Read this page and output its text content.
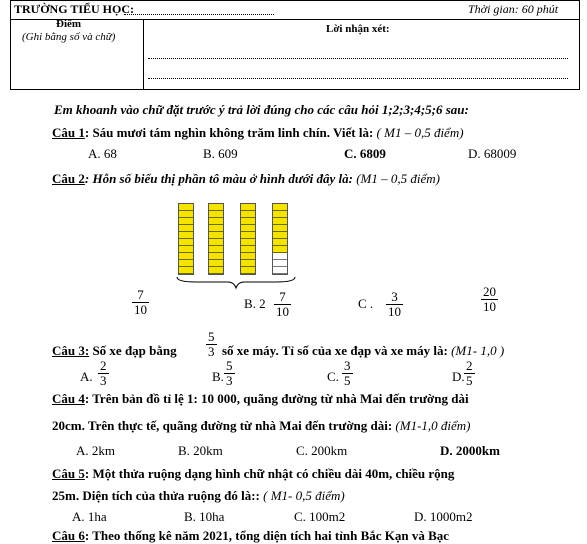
TRƯỜNG TIỂU HỌC:	Thời gian: 60 phút
Điểm
(Ghi bằng số và chữ)
Lời nhận xét:
Em khoanh vào chữ đặt trước ý trả lời đúng cho các câu hỏi 1;2;3;4;5;6 sau:
Câu 1: Sáu mươi tám nghìn không trăm linh chín. Viết là: ( M1 – 0,5 điểm)
A. 68	B. 609	C. 6809	D. 68009
Câu 2: Hỗn số biểu thị phần tô màu ở hình dưới đây là: (M1 – 0,5 điểm)
$\frac{7}{10}$	B. $2 \frac{7}{10}$	C . $\frac{3}{10}$	$\frac{20}{10}$
Câu 3: Số xe đạp bằng $\frac{5}{3}$ số xe máy. Tỉ số của xe đạp và xe máy là: (M1- 1,0 )
A. $\frac{2}{3}$	B. $\frac{5}{3}$	C. $\frac{3}{5}$	D. $\frac{2}{5}$
Câu 4: Trên bản đồ tỉ lệ 1: 10 000, quãng đường từ nhà Mai đến trường dài
20cm. Trên thực tế, quãng đường từ nhà Mai đến trường dài: (M1-1,0 điểm)
A. 2km	B. 20km	C. 200km	D. 2000km
Câu 5: Một thửa ruộng dạng hình chữ nhật có chiều dài 40m, chiều rộng
25m. Diện tích của thửa ruộng đó là:: ( M1- 0,5 điểm)
A. 1ha	B. 10ha	C. 100m2	D. 1000m2
Câu 6: Theo thống kê năm 2021, tổng diện tích hai tỉnh Bắc Kạn và Bạc
